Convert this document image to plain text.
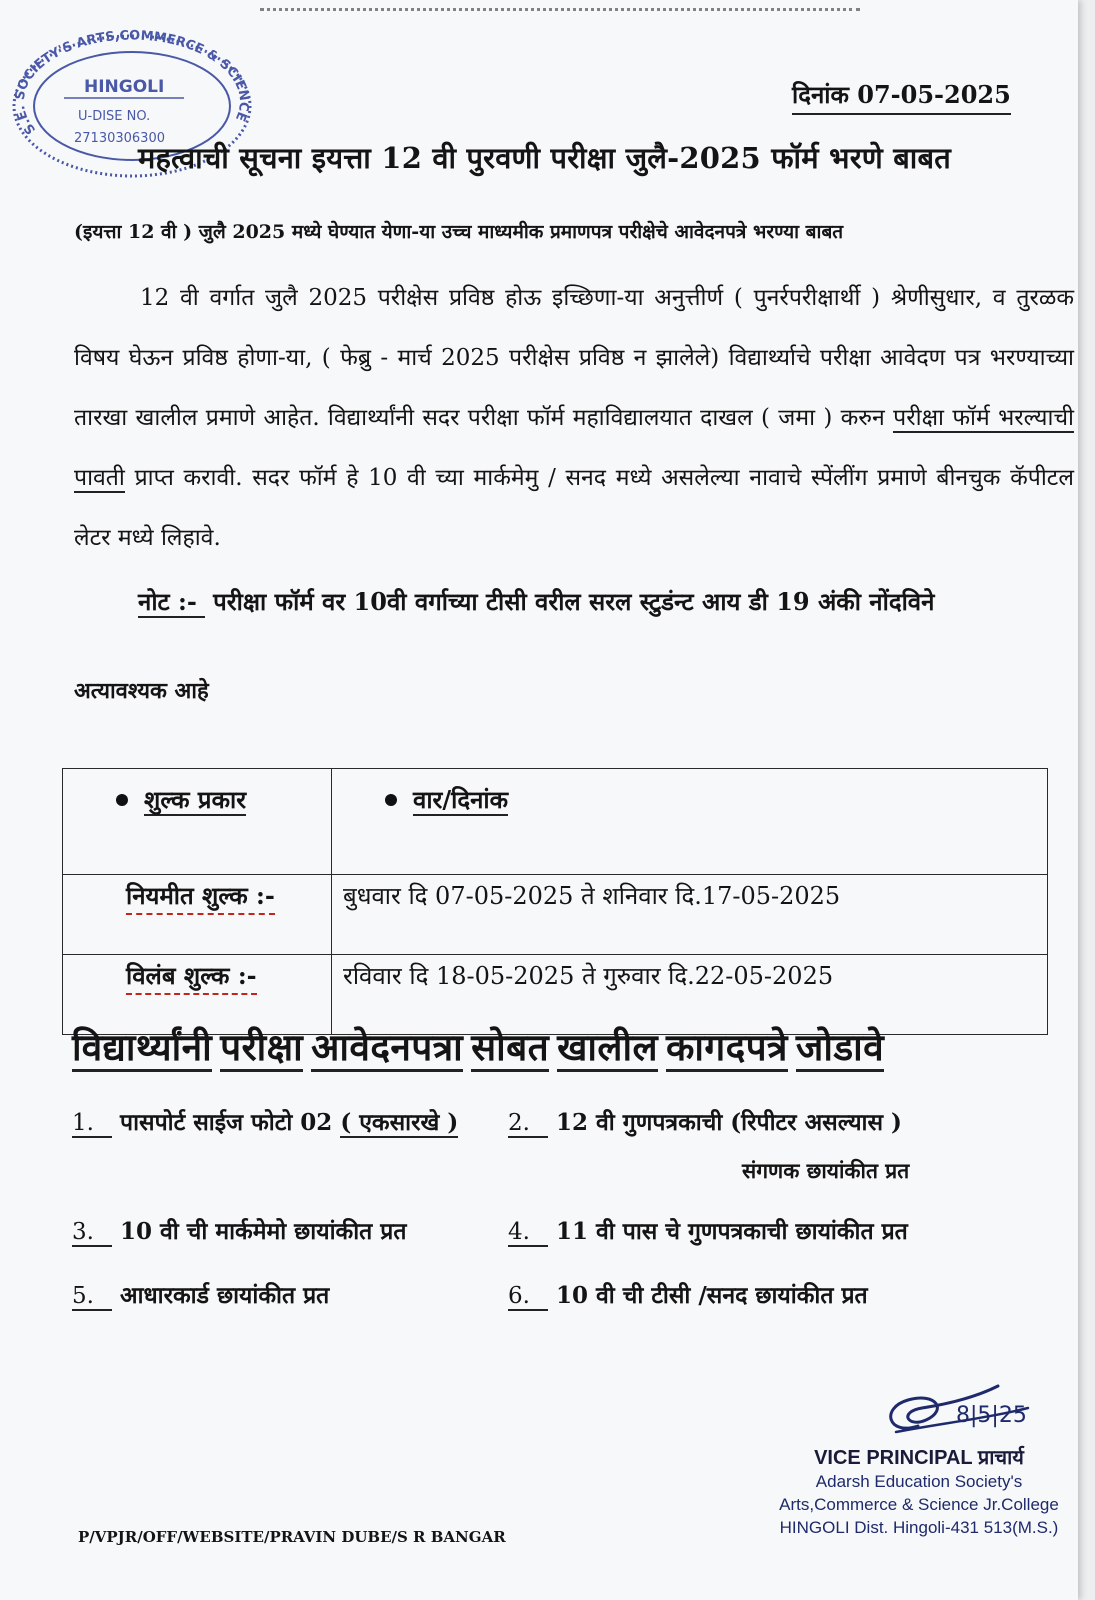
S.E. SOCIETY'S ARTS,COMMERCE & SCIENCE
HINGOLI
U-DISE NO.
27130306300
दिनांक 07-05-2025
महत्वाची सूचना इयत्ता 12 वी पुरवणी परीक्षा जुलै-2025 फॉर्म भरणे बाबत
(इयत्ता 12 वी ) जुलै 2025 मध्ये घेण्यात येणा-या उच्च माध्यमीक प्रमाणपत्र परीक्षेचे आवेदनपत्रे भरण्या बाबत

12 वी वर्गात जुलै 2025 परीक्षेस प्रविष्ठ होऊ इच्छिणा-या अनुत्तीर्ण ( पुनर्रपरीक्षार्थी ) श्रेणीसुधार, व तुरळक विषय घेऊन प्रविष्ठ होणा-या, ( फेब्रु - मार्च 2025 परीक्षेस प्रविष्ठ न झालेले) विद्यार्थ्याचे परीक्षा आवेदण पत्र भरण्याच्या तारखा खालील प्रमाणे आहेत. विद्यार्थ्यांनी सदर परीक्षा फॉर्म महाविद्यालयात दाखल ( जमा ) करुन परीक्षा फॉर्म भरल्याची पावती प्राप्त करावी. सदर फॉर्म हे 10 वी च्या मार्कमेमु / सनद मध्ये असलेल्या नावाचे स्पेंलींग प्रमाणे बीनचुक कॅपीटल लेटर मध्ये लिहावे.

नोट :- परीक्षा फॉर्म वर 10वी वर्गाच्या टीसी वरील सरल स्टुडंन्ट आय डी 19 अंकी नोंदविने
अत्यावश्यक आहे
शुल्क प्रकार	वार/दिनांक
नियमीत शुल्क :-	बुधवार दि 07-05-2025 ते शनिवार दि.17-05-2025
विलंब शुल्क :-	रविवार दि 18-05-2025 ते गुरुवार दि.22-05-2025
विद्यार्थ्यांनी परीक्षा आवेदनपत्रा सोबत खालील कागदपत्रे जोडावे
1. पासपोर्ट साईज फोटो 02 ( एकसारखे ) 2. 12 वी गुणपत्रकाची (रिपीटर असल्यास )
संगणक छायांकीत प्रत
3. 10 वी ची मार्कमेमो छायांकीत प्रत	4. 11 वी पास चे गुणपत्रकाची छायांकीत प्रत
5. आधारकार्ड छायांकीत प्रत	6. 10 वी ची टीसी /सनद छायांकीत प्रत
8|5|25
VICE PRINCIPAL प्राचार्य
Adarsh Education Society's
Arts,Commerce & Science Jr.College
HINGOLI Dist. Hingoli-431 513(M.S.)
P/VPJR/OFF/WEBSITE/PRAVIN DUBE/S R BANGAR
